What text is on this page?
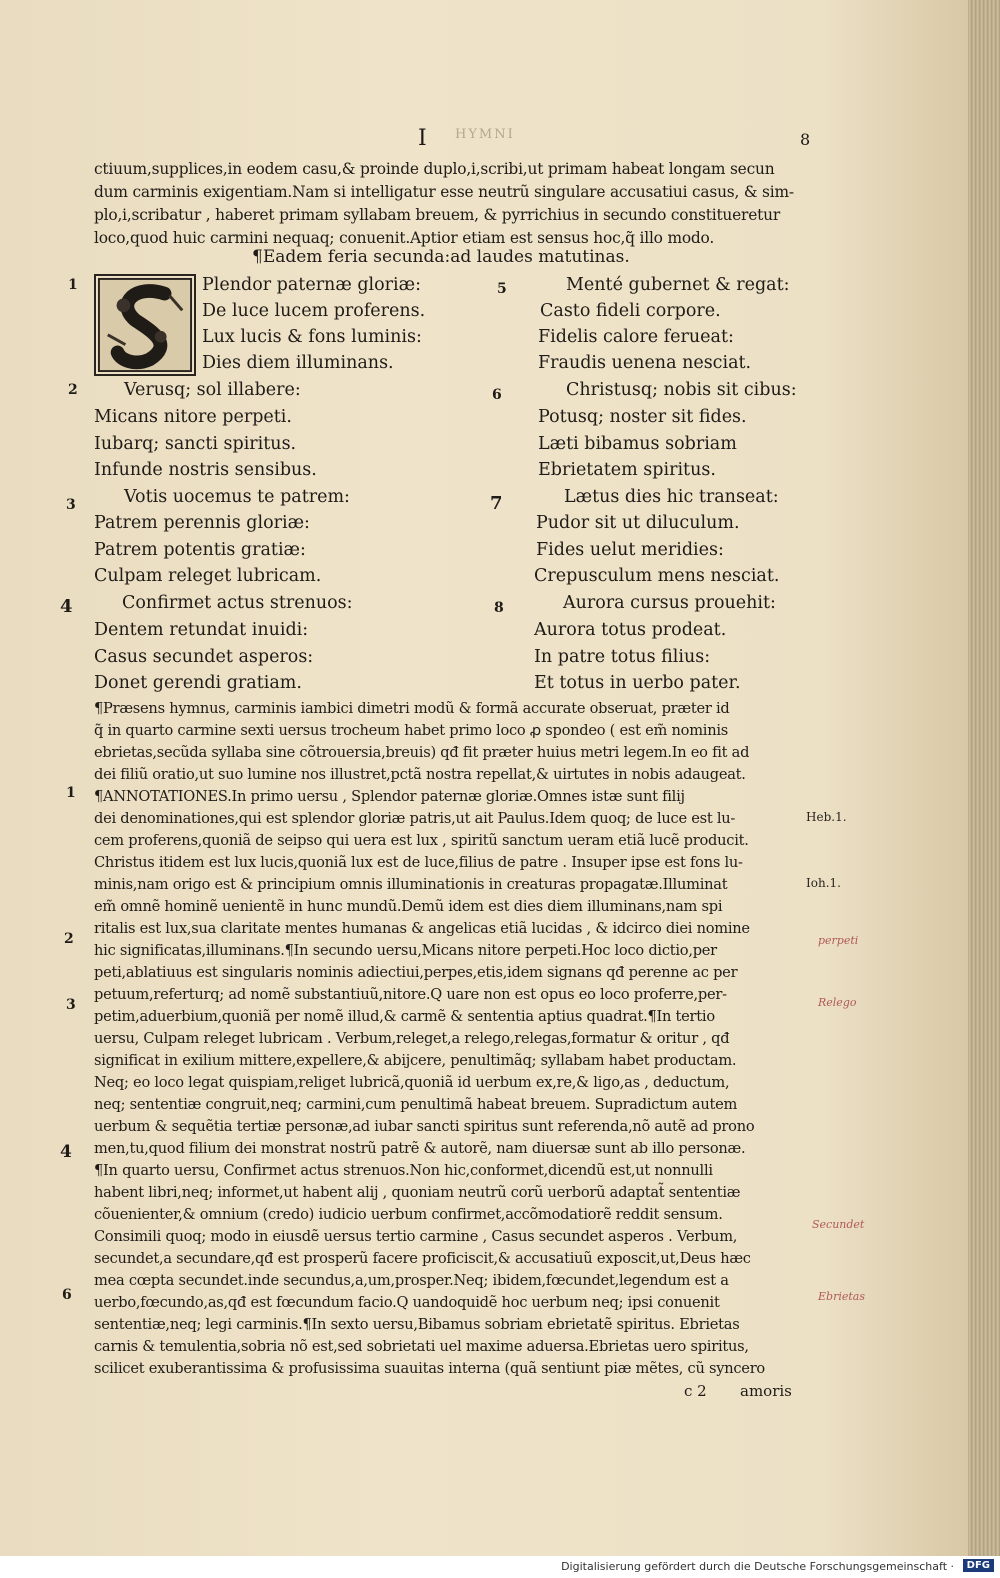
I HYMNI	8
ctiuum,supplices,in eodem casu,& proinde duplo,i,scribi,ut primam habeat longam secun
dum carminis exigentiam.Nam si intelligatur esse neutrũ singulare accusatiui casus, & sim-
plo,i,scribatur , haberet primam syllabam breuem, & pyrrichius in secundo constitueretur
loco,quod huic carmini nequaq; conuenit.Aptior etiam est sensus hoc,q̃ illo modo.
¶Eadem feria secunda:ad laudes matutinas.
1
2
3
4
5
6
7
8
Plendor paternæ gloriæ:
De luce lucem proferens.
Lux lucis & fons luminis:
Dies diem illuminans.
Verusq; sol illabere:
Micans nitore perpeti.
Iubarq; sancti spiritus.
Infunde nostris sensibus.
Votis uocemus te patrem:
Patrem perennis gloriæ:
Patrem potentis gratiæ:
Culpam releget lubricam.
Confirmet actus strenuos:
Dentem retundat inuidi:
Casus secundet asperos:
Donet gerendi gratiam.
Menté gubernet & regat:
Casto fideli corpore.
Fidelis calore ferueat:
Fraudis uenena nesciat.
Christusq; nobis sit cibus:
Potusq; noster sit fides.
Læti bibamus sobriam
Ebrietatem spiritus.
Lætus dies hic transeat:
Pudor sit ut diluculum.
Fides uelut meridies:
Crepusculum mens nesciat.
Aurora cursus prouehit:
Aurora totus prodeat.
In patre totus filius:
Et totus in uerbo pater.
¶Præsens hymnus, carminis iambici dimetri modũ & formã accurate obseruat, præter id
q̃ in quarto carmine sexti uersus trocheum habet primo loco ꝓ spondeo ( est em̃ nominis
ebrietas,secũda syllaba sine cõtrouersia,breuis) qđ fit præter huius metri legem.In eo fit ad
dei filiũ oratio,ut suo lumine nos illustret,pctã nostra repellat,& uirtutes in nobis adaugeat.
1
2
3
4
6
¶ANNOTATIONES.In primo uersu , Splendor paternæ gloriæ.Omnes istæ sunt filij
dei denominationes,qui est splendor gloriæ patris,ut ait Paulus.Idem quoq; de luce est lu-
cem proferens,quoniã de seipso qui uera est lux , spiritũ sanctum ueram etiã lucẽ producit.
Christus itidem est lux lucis,quoniã lux est de luce,filius de patre . Insuper ipse est fons lu-
minis,nam origo est & principium omnis illuminationis in creaturas propagatæ.Illuminat
em̃ omnẽ hominẽ uenientẽ in hunc mundũ.Demũ idem est dies diem illuminans,nam spi
ritalis est lux,sua claritate mentes humanas & angelicas etiã lucidas , & idcirco diei nomine
hic significatas,illuminans.¶In secundo uersu,Micans nitore perpeti.Hoc loco dictio,per
peti,ablatiuus est singularis nominis adiectiui,perpes,etis,idem signans qđ perenne ac per
petuum,referturq; ad nomẽ substantiuũ,nitore.Q uare non est opus eo loco proferre,per-
petim,aduerbium,quoniã per nomẽ illud,& carmẽ & sententia aptius quadrat.¶In tertio
uersu, Culpam releget lubricam . Verbum,releget,a relego,relegas,formatur & oritur , qđ
significat in exilium mittere,expellere,& abijcere, penultimãq; syllabam habet productam.
Neq; eo loco legat quispiam,religet lubricã,quoniã id uerbum ex,re,& ligo,as , deductum,
neq; sententiæ congruit,neq; carmini,cum penultimã habeat breuem. Supradictum autem
uerbum & sequẽtia tertiæ personæ,ad iubar sancti spiritus sunt referenda,nõ autẽ ad prono
men,tu,quod filium dei monstrat nostrũ patrẽ & autorẽ, nam diuersæ sunt ab illo personæ.
¶In quarto uersu, Confirmet actus strenuos.Non hic,conformet,dicendũ est,ut nonnulli
habent libri,neq; informet,ut habent alij , quoniam neutrũ corũ uerborũ adaptat̃ sententiæ
cõuenienter,& omnium (credo) iudicio uerbum confirmet,accõmodatiorẽ reddit sensum.
Consimili quoq; modo in eiusdẽ uersus tertio carmine , Casus secundet asperos . Verbum,
secundet,a secundare,qđ est prosperũ facere proficiscit,& accusatiuũ exposcit,ut,Deus hæc
mea cœpta secundet.inde secundus,a,um,prosper.Neq; ibidem,fœcundet,legendum est a
uerbo,fœcundo,as,qđ est fœcundum facio.Q uandoquidẽ hoc uerbum neq; ipsi conuenit
sententiæ,neq; legi carminis.¶In sexto uersu,Bibamus sobriam ebrietatẽ spiritus. Ebrietas
carnis & temulentia,sobria nõ est,sed sobrietati uel maxime aduersa.Ebrietas uero spiritus,
scilicet exuberantissima & profusissima suauitas interna (quã sentiunt piæ mẽtes, cũ syncero
Heb.1.
Ioh.1.
perpeti
Relego
Secundet
Ebrietas
c 2 amoris
Digitalisierung gefördert durch die Deutsche Forschungsgemeinschaft ·	DFG
